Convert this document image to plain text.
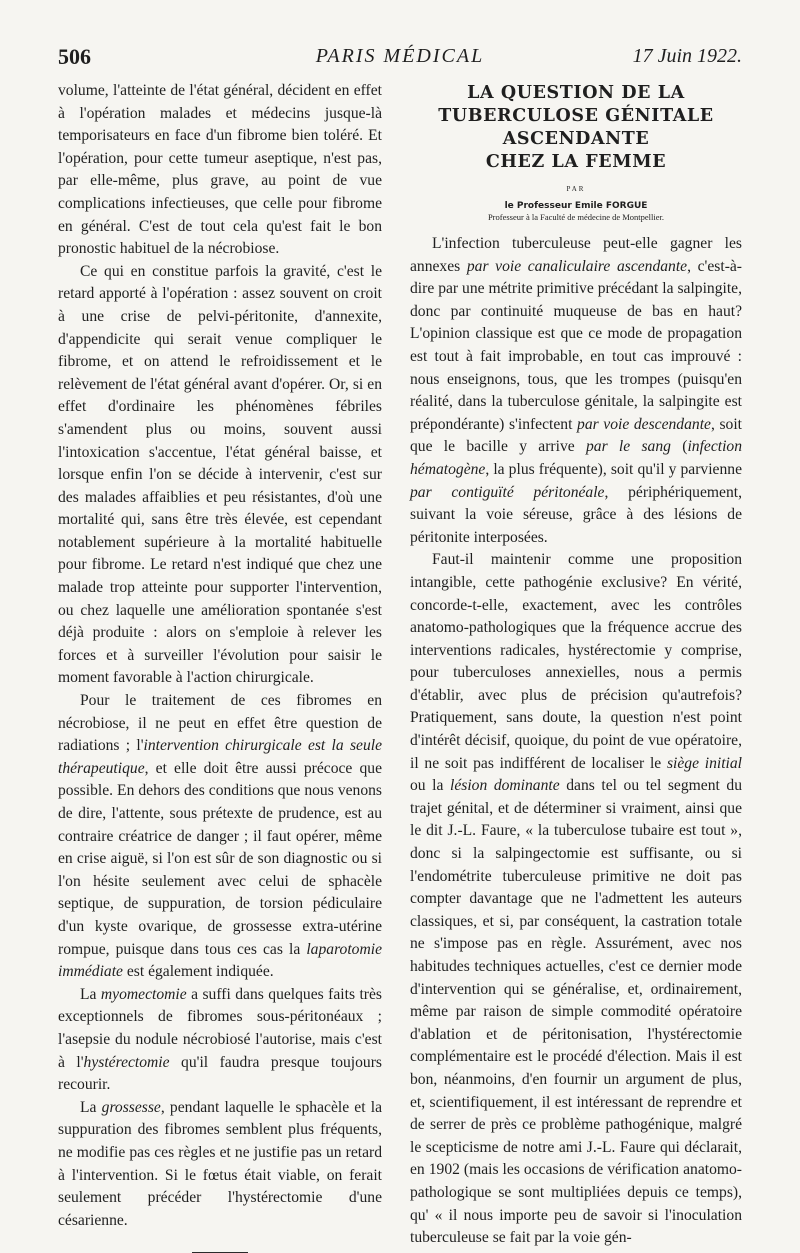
506	PARIS MÉDICAL	17 Juin 1922.

volume, l'atteinte de l'état général, décident en effet à l'opération malades et médecins jusque-là temporisateurs en face d'un fibrome bien toléré. Et l'opération, pour cette tumeur aseptique, n'est pas, par elle-même, plus grave, au point de vue complications infectieuses, que celle pour fibrome en général. C'est de tout cela qu'est fait le bon pronostic habituel de la nécrobiose.

Ce qui en constitue parfois la gravité, c'est le retard apporté à l'opération : assez souvent on croit à une crise de pelvi-péritonite, d'annexite, d'appendicite qui serait venue compliquer le fibrome, et on attend le refroidissement et le relèvement de l'état général avant d'opérer. Or, si en effet d'ordinaire les phénomènes fébriles s'amendent plus ou moins, souvent aussi l'intoxication s'accentue, l'état général baisse, et lorsque enfin l'on se décide à intervenir, c'est sur des malades affaiblies et peu résistantes, d'où une mortalité qui, sans être très élevée, est cependant notablement supérieure à la mortalité habituelle pour fibrome. Le retard n'est indiqué que chez une malade trop atteinte pour supporter l'intervention, ou chez laquelle une amélioration spontanée s'est déjà produite : alors on s'emploie à relever les forces et à surveiller l'évolution pour saisir le moment favorable à l'action chirurgicale.

Pour le traitement de ces fibromes en nécrobiose, il ne peut en effet être question de radiations ; l'intervention chirurgicale est la seule thérapeutique, et elle doit être aussi précoce que possible. En dehors des conditions que nous venons de dire, l'attente, sous prétexte de prudence, est au contraire créatrice de danger ; il faut opérer, même en crise aiguë, si l'on est sûr de son diagnostic ou si l'on hésite seulement avec celui de sphacèle septique, de suppuration, de torsion pédiculaire d'un kyste ovarique, de grossesse extra-utérine rompue, puisque dans tous ces cas la laparotomie immédiate est également indiquée.

La myomectomie a suffi dans quelques faits très exceptionnels de fibromes sous-péritonéaux ; l'asepsie du nodule nécrobiosé l'autorise, mais c'est à l'hystérectomie qu'il faudra presque toujours recourir.

La grossesse, pendant laquelle le sphacèle et la suppuration des fibromes semblent plus fréquents, ne modifie pas ces règles et ne justifie pas un retard à l'intervention. Si le fœtus était viable, on ferait seulement précéder l'hystérectomie d'une césarienne.

LA QUESTION DE LA
TUBERCULOSE GÉNITALE
ASCENDANTE
CHEZ LA FEMME
PAR
le Professeur Emile FORGUE
Professeur à la Faculté de médecine de Montpellier.

L'infection tuberculeuse peut-elle gagner les annexes par voie canaliculaire ascendante, c'est-à-dire par une métrite primitive précédant la salpingite, donc par continuité muqueuse de bas en haut? L'opinion classique est que ce mode de propagation est tout à fait improbable, en tout cas improuvé : nous enseignons, tous, que les trompes (puisqu'en réalité, dans la tuberculose génitale, la salpingite est prépondérante) s'infectent par voie descendante, soit que le bacille y arrive par le sang (infection hématogène, la plus fréquente), soit qu'il y parvienne par contiguïté péritonéale, périphériquement, suivant la voie séreuse, grâce à des lésions de péritonite interposées.

Faut-il maintenir comme une proposition intangible, cette pathogénie exclusive? En vérité, concorde-t-elle, exactement, avec les contrôles anatomo-pathologiques que la fréquence accrue des interventions radicales, hystérectomie y comprise, pour tuberculoses annexielles, nous a permis d'établir, avec plus de précision qu'autrefois? Pratiquement, sans doute, la question n'est point d'intérêt décisif, quoique, du point de vue opératoire, il ne soit pas indifférent de localiser le siège initial ou la lésion dominante dans tel ou tel segment du trajet génital, et de déterminer si vraiment, ainsi que le dit J.-L. Faure, « la tuberculose tubaire est tout », donc si la salpingectomie est suffisante, ou si l'endométrite tuberculeuse primitive ne doit pas compter davantage que ne l'admettent les auteurs classiques, et si, par conséquent, la castration totale ne s'impose pas en règle. Assurément, avec nos habitudes techniques actuelles, c'est ce dernier mode d'intervention qui se généralise, et, ordinairement, même par raison de simple commodité opératoire d'ablation et de péritonisation, l'hystérectomie complémentaire est le procédé d'élection. Mais il est bon, néanmoins, d'en fournir un argument de plus, et, scientifiquement, il est intéressant de reprendre et de serrer de près ce problème pathogénique, malgré le scepticisme de notre ami J.-L. Faure qui déclarait, en 1902 (mais les occasions de vérification anatomo-pathologique se sont multipliées depuis ce temps), qu' « il nous importe peu de savoir si l'inoculation tuberculeuse se fait par la voie gén-
